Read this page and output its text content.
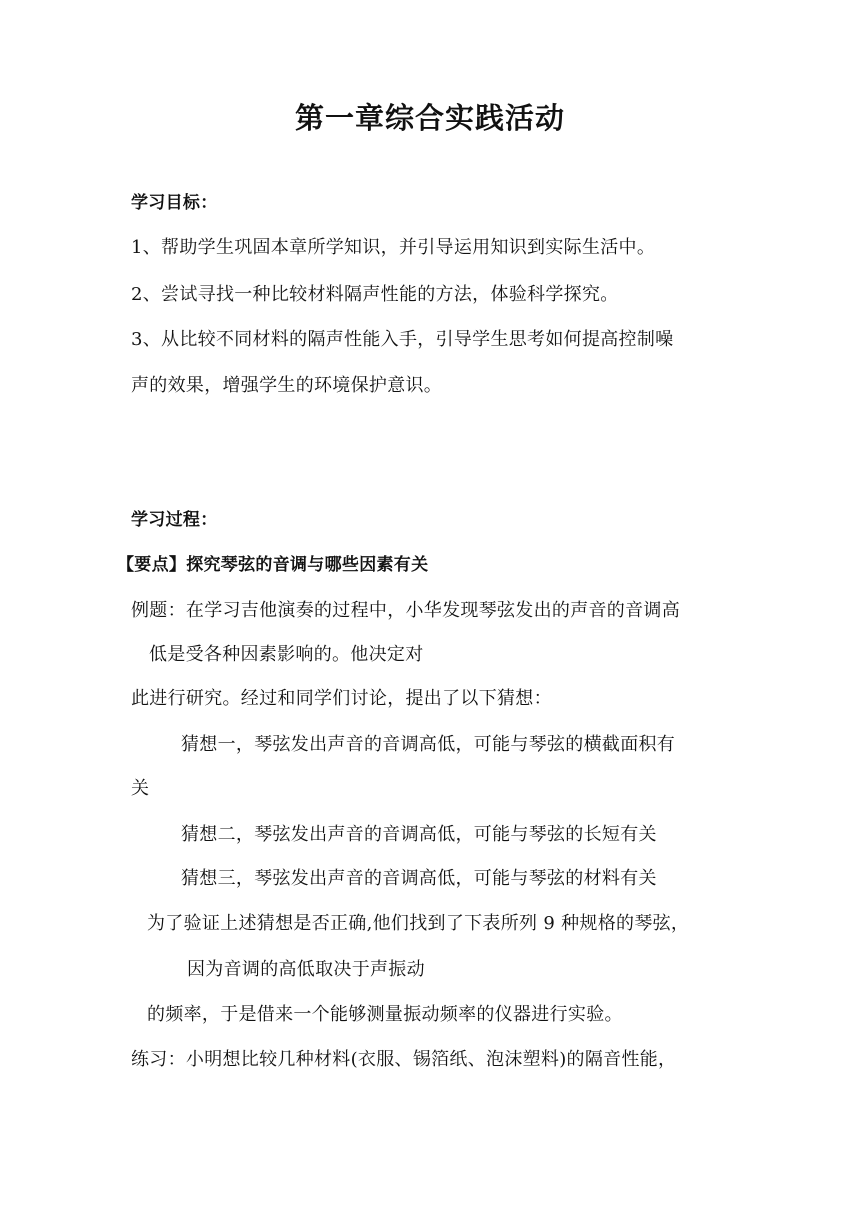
第一章综合实践活动
学习目标：
1、帮助学生巩固本章所学知识，并引导运用知识到实际生活中。
2、尝试寻找一种比较材料隔声性能的方法，体验科学探究。
3、从比较不同材料的隔声性能入手，引导学生思考如何提高控制噪
声的效果，增强学生的环境保护意识。
学习过程：
【要点】探究琴弦的音调与哪些因素有关
例题：在学习吉他演奏的过程中，小华发现琴弦发出的声音的音调高
低是受各种因素影响的。他决定对
此进行研究。经过和同学们讨论，提出了以下猜想：
猜想一，琴弦发出声音的音调高低，可能与琴弦的横截面积有
关
猜想二，琴弦发出声音的音调高低，可能与琴弦的长短有关
猜想三，琴弦发出声音的音调高低，可能与琴弦的材料有关
为了验证上述猜想是否正确,他们找到了下表所列 9 种规格的琴弦，
因为音调的高低取决于声振动
的频率，于是借来一个能够测量振动频率的仪器进行实验。
练习：小明想比较几种材料(衣服、锡箔纸、泡沫塑料)的隔音性能，
